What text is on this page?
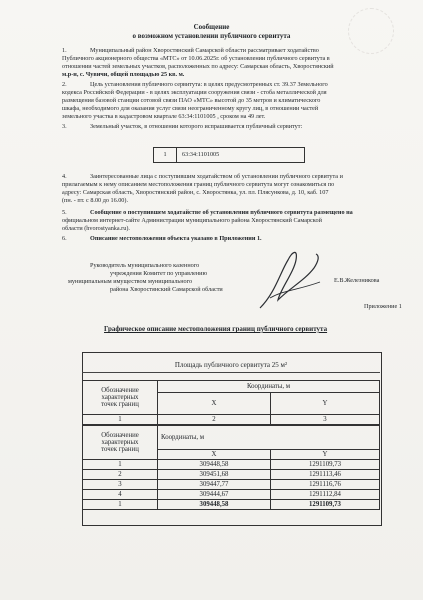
Сообщение
о возможном установлении публичного сервитута
1.	Муниципальный район Хворостянский Самарской области рассматривает ходатайство
Публичного акционерного общества «МТС» от 10.06.2025г. об установлении публичного сервитута в
отношении частей земельных участков, расположенных по адресу: Самарская область, Хворостянский
м.р-н, с. Чувичи, общей площадью 25 кв. м.
2.	Цель установления публичного сервитута: в целях предусмотренных ст. 39.37 Земельного
кодекса Российской Федерации - в целях эксплуатации сооружения связи - стоба металлической для
размещения базовой станции сотовой связи ПАО «МТС» высотой до 35 метров и климатического
шкафа, необходимого для оказания услуг связи неограниченному кругу лиц, в отношении частей
земельного участка в кадастровом квартале 63:34:1101005 , сроком на 49 лет.
3.	Земельный участок, в отношении которого испрашивается публичный сервитут:
1	63:34:1101005
4.	Заинтересованные лица с поступившим ходатайством об установлении публичного сервитута и
прилагаемым к нему описанием местоположения границ публичного сервитута могут ознакомиться по
адресу: Самарская область, Хворостянский район, с. Хворостянка, ул. пл. Плясункова, д. 10, каб. 107
(пн. - пт. с 8.00 до 16.00).
5.	Сообщение о поступившем ходатайстве об установлении публичного сервитута размещено на
официальном интернет-сайте Администрации муниципального района Хворостянский Самарской
области (hvorostyanka.ru).
6.	Описание местоположения объекта указано в Приложении 1.
Руководитель муниципального казенного
учреждения Комитет по управлению
муниципальным имуществом муниципального
района Хворостянский Самарской области
Е.В.Железникова
Приложение 1
Графическое описание местоположения границ публичного сервитута
Площадь публичного сервитута 25 м²
Обозначение
характерных
точек границ	Координаты, м	
	X	Y
1	2	3
Обозначение
характерных
точек границ	Координаты, м	
	X	Y
1	309448,58	1291109,73
2	309451,68	1291113,46
3	309447,77	1291116,76
4	309444,67	1291112,84
1	309448,58	1291109,73
